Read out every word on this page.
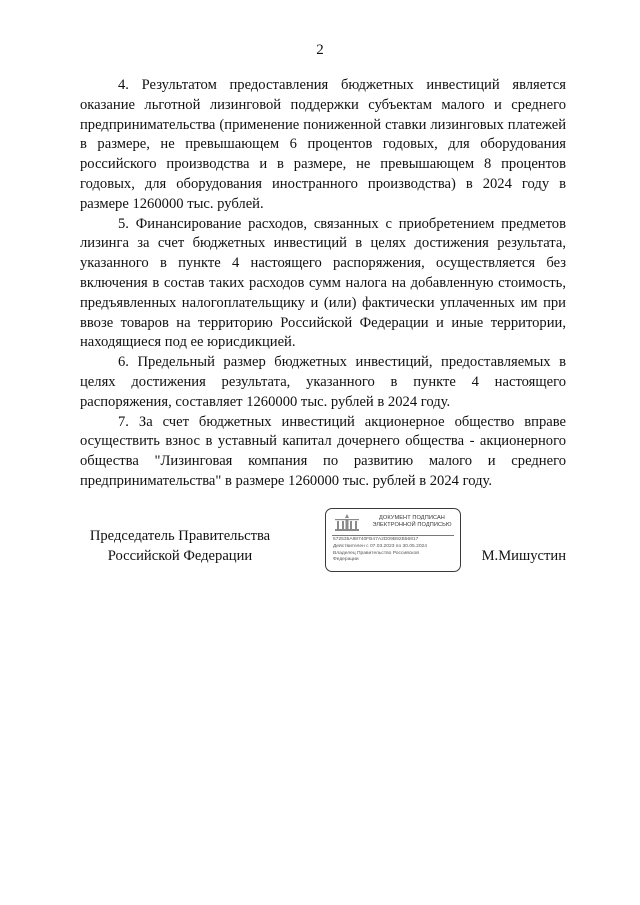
2

4. Результатом предоставления бюджетных инвестиций является оказание льготной лизинговой поддержки субъектам малого и среднего предпринимательства (применение пониженной ставки лизинговых платежей в размере, не превышающем 6 процентов годовых, для оборудования российского производства и в размере, не превышающем 8 процентов годовых, для оборудования иностранного производства) в 2024 году в размере 1260000 тыс. рублей.

5. Финансирование расходов, связанных с приобретением предметов лизинга за счет бюджетных инвестиций в целях достижения результата, указанного в пункте 4 настоящего распоряжения, осуществляется без включения в состав таких расходов сумм налога на добавленную стоимость, предъявленных налогоплательщику и (или) фактически уплаченных им при ввозе товаров на территорию Российской Федерации и иные территории, находящиеся под ее юрисдикцией.

6. Предельный размер бюджетных инвестиций, предоставляемых в целях достижения результата, указанного в пункте 4 настоящего распоряжения, составляет 1260000 тыс. рублей в 2024 году.

7. За счет бюджетных инвестиций акционерное общество вправе осуществить взнос в уставный капитал дочернего общества - акционерного общества "Лизинговая компания по развитию малого и среднего предпринимательства" в размере 1260000 тыс. рублей в 2024 году.

Председатель Правительства
Российской Федерации
ДОКУМЕНТ ПОДПИСАН
ЭЛЕКТРОННОЙ ПОДПИСЬЮ
572535A98740FB47A2D09B92B56817
Действителен с 07.03.2023 по 30.05.2024
Владелец Правительство Российской
Федерации	М.Мишустин
